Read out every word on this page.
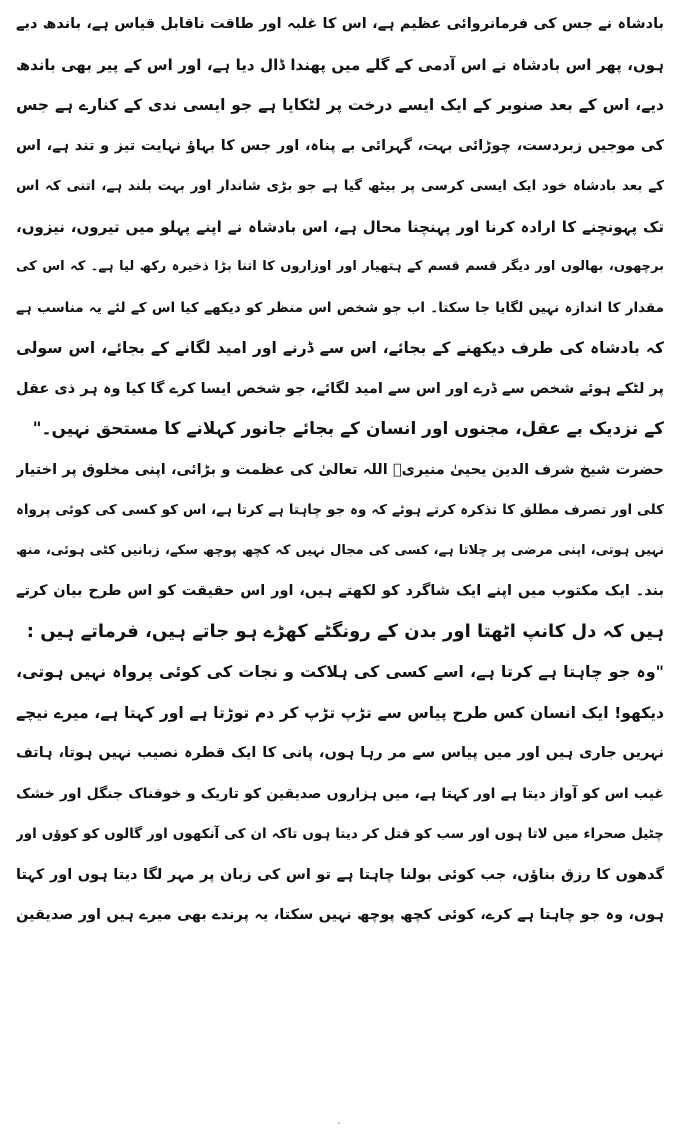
بادشاہ نے جس کی فرمانروائی عظیم ہے، اس کا غلبہ اور طاقت ناقابل قیاس ہے، باندھ دیے
ہوں، پھر اس بادشاہ نے اس آدمی کے گلے میں پھندا ڈال دیا ہے، اور اس کے پیر بھی باندھ
دیے، اس کے بعد صنوبر کے ایک ایسے درخت پر لٹکایا ہے جو ایسی ندی کے کنارے ہے جس
کی موجیں زبردست، چوڑائی بہت، گہرائی بے پناہ، اور جس کا بہاؤ نہایت تیز و تند ہے، اس
کے بعد بادشاہ خود ایک ایسی کرسی پر بیٹھ گیا ہے جو بڑی شاندار اور بہت بلند ہے، اتنی کہ اس
تک پہونچنے کا ارادہ کرنا اور پہنچنا محال ہے، اس بادشاہ نے اپنے پہلو میں تیروں، نیزوں،
برچھوں، بھالوں اور دیگر قسم قسم کے ہتھیار اور اوزاروں کا اتنا بڑا ذخیرہ رکھ لیا ہے۔ کہ اس کی
مقدار کا اندازہ نہیں لگایا جا سکتا۔ اب جو شخص اس منظر کو دیکھے کیا اس کے لئے یہ مناسب ہے
کہ بادشاہ کی طرف دیکھنے کے بجائے، اس سے ڈرنے اور امید لگانے کے بجائے، اس سولی
پر لٹکے ہوئے شخص سے ڈرے اور اس سے امید لگائے، جو شخص ایسا کرے گا کیا وہ ہر ذی عقل
کے نزدیک بے عقل، مجنوں اور انسان کے بجائے جانور کہلانے کا مستحق نہیں۔"
حضرت شیخ شرف الدین یحییٰ منیریؒ اللہ تعالیٰ کی عظمت و بڑائی، اپنی مخلوق پر اختیار
کلی اور تصرف مطلق کا تذکرہ کرتے ہوئے کہ وہ جو چاہتا ہے کرتا ہے، اس کو کسی کی کوئی پرواہ
نہیں ہوتی، اپنی مرضی پر چلاتا ہے، کسی کی مجال نہیں کہ کچھ پوچھ سکے، زبانیں کٹی ہوئی، منھ
بند۔ ایک مکتوب میں اپنے ایک شاگرد کو لکھتے ہیں، اور اس حقیقت کو اس طرح بیان کرتے
ہیں کہ دل کانپ اٹھتا اور بدن کے رونگٹے کھڑے ہو جاتے ہیں، فرماتے ہیں :
"وہ جو چاہتا ہے کرتا ہے، اسے کسی کی ہلاکت و نجات کی کوئی پرواہ نہیں ہوتی،
دیکھو! ایک انسان کس طرح پیاس سے تڑپ تڑپ کر دم توڑتا ہے اور کہتا ہے، میرے نیچے
نہریں جاری ہیں اور میں پیاس سے مر رہا ہوں، پانی کا ایک قطرہ نصیب نہیں ہوتا، ہاتف
غیب اس کو آواز دیتا ہے اور کہتا ہے، میں ہزاروں صدیقین کو تاریک و خوفناک جنگل اور خشک
چٹیل صحراء میں لاتا ہوں اور سب کو قتل کر دیتا ہوں تاکہ ان کی آنکھوں اور گالوں کو کوؤں اور
گدھوں کا رزق بناؤں، جب کوئی بولنا چاہتا ہے تو اس کی زبان پر مہر لگا دیتا ہوں اور کہتا
ہوں، وہ جو چاہتا ہے کرے، کوئی کچھ پوچھ نہیں سکتا، یہ پرندے بھی میرے ہیں اور صدیقین
·
